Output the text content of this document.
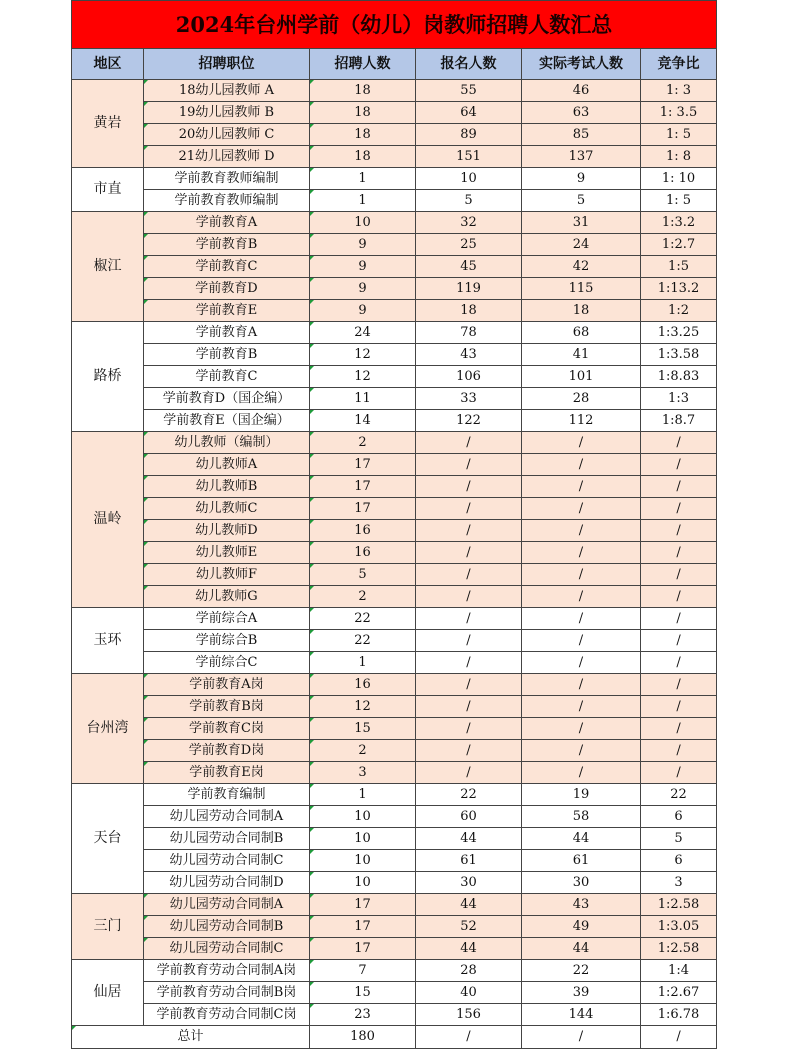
2024年台州学前（幼儿）岗教师招聘人数汇总					
地区	招聘职位	招聘人数	报名人数	实际考试人数	竞争比
黄岩	18幼儿园教师 A	18	55	46	1: 3
	19幼儿园教师 B	18	64	63	1: 3.5
	20幼儿园教师 C	18	89	85	1: 5
	21幼儿园教师 D	18	151	137	1: 8
市直	学前教育教师编制	1	10	9	1: 10
	学前教育教师编制	1	5	5	1: 5
椒江	学前教育A	10	32	31	1:3.2
	学前教育B	9	25	24	1:2.7
	学前教育C	9	45	42	1:5
	学前教育D	9	119	115	1:13.2
	学前教育E	9	18	18	1:2
路桥	学前教育A	24	78	68	1:3.25
	学前教育B	12	43	41	1:3.58
	学前教育C	12	106	101	1:8.83
	学前教育D（国企编）	11	33	28	1:3
	学前教育E（国企编）	14	122	112	1:8.7
温岭	幼儿教师（编制）	2	/	/	/
	幼儿教师A	17	/	/	/
	幼儿教师B	17	/	/	/
	幼儿教师C	17	/	/	/
	幼儿教师D	16	/	/	/
	幼儿教师E	16	/	/	/
	幼儿教师F	5	/	/	/
	幼儿教师G	2	/	/	/
玉环	学前综合A	22	/	/	/
	学前综合B	22	/	/	/
	学前综合C	1	/	/	/
台州湾	学前教育A岗	16	/	/	/
	学前教育B岗	12	/	/	/
	学前教育C岗	15	/	/	/
	学前教育D岗	2	/	/	/
	学前教育E岗	3	/	/	/
天台	学前教育编制	1	22	19	22
	幼儿园劳动合同制A	10	60	58	6
	幼儿园劳动合同制B	10	44	44	5
	幼儿园劳动合同制C	10	61	61	6
	幼儿园劳动合同制D	10	30	30	3
三门	幼儿园劳动合同制A	17	44	43	1:2.58
	幼儿园劳动合同制B	17	52	49	1:3.05
	幼儿园劳动合同制C	17	44	44	1:2.58
仙居	学前教育劳动合同制A岗	7	28	22	1:4
	学前教育劳动合同制B岗	15	40	39	1:2.67
	学前教育劳动合同制C岗	23	156	144	1:6.78
总计		180	/	/	/
